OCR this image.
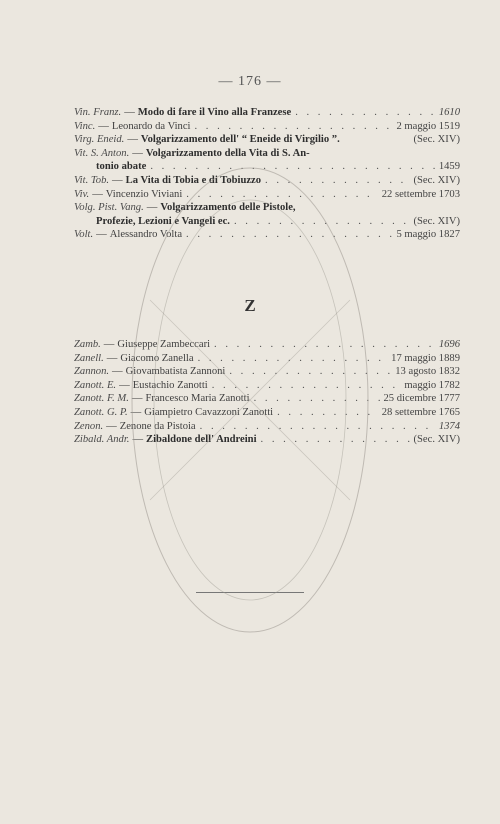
— 176 —
Vin. Franz. — Modo di fare il Vino alla Franzese . . .	1610
Vinc. — Leonardo da Vinci . . .	2 maggio 1519
Virg. Eneid. — Volgarizzamento dell' “ Eneide di Virgilio ”.	(Sec. XIV)
Vit. S. Anton. — Volgarizzamento della Vita di S. An-
tonio abate . . .	1459
Vit. Tob. — La Vita di Tobia e di Tobiuzzo . . .	(Sec. XIV)
Viv. — Vincenzio Viviani . . .	22 settembre 1703
Volg. Pist. Vang. — Volgarizzamento delle Pistole,
Profezie, Lezioni e Vangeli ec. . . .	(Sec. XIV)
Volt. — Alessandro Volta . . .	5 maggio 1827
Z
Zamb. — Giuseppe Zambeccari . . .	1696
Zanell. — Giacomo Zanella . . .	17 maggio 1889
Zannon. — Giovambatista Zannoni . . .	13 agosto 1832
Zanott. E. — Eustachio Zanotti . . .	maggio 1782
Zanott. F. M. — Francesco Maria Zanotti . . .	25 dicembre 1777
Zanott. G. P. — Giampietro Cavazzoni Zanotti . . .	28 settembre 1765
Zenon. — Zenone da Pistoia . . .	1374
Zibald. Andr. — Zibaldone dell' Andreini . . .	(Sec. XIV)
